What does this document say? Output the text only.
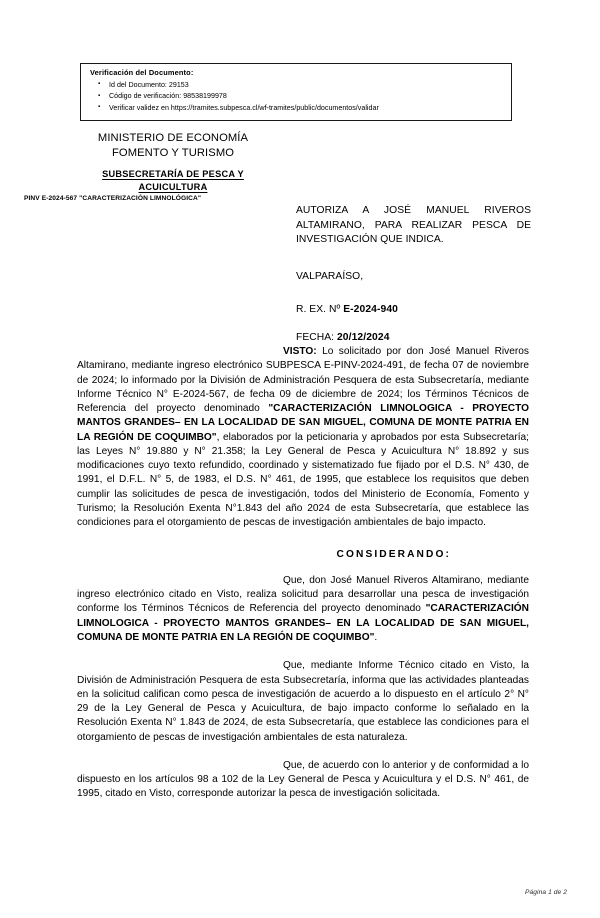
Verificación del Documento:
▪ Id del Documento: 29153
▪ Código de verificación: 98538199978
▪ Verificar validez en https://tramites.subpesca.cl/wf-tramites/public/documentos/validar
MINISTERIO DE ECONOMÍA
FOMENTO Y TURISMO
SUBSECRETARÍA DE PESCA Y
ACUICULTURA
PINV E-2024-567 "CARACTERIZACIÓN LIMNOLÓGICA"
AUTORIZA A JOSÉ MANUEL RIVEROS ALTAMIRANO, PARA REALIZAR PESCA DE INVESTIGACIÓN QUE INDICA.
VALPARAÍSO,
R. EX. Nº E-2024-940
FECHA: 20/12/2024

VISTO: Lo solicitado por don José Manuel Riveros Altamirano, mediante ingreso electrónico SUBPESCA E-PINV-2024-491, de fecha 07 de noviembre de 2024; lo informado por la División de Administración Pesquera de esta Subsecretaría, mediante Informe Técnico N° E-2024-567, de fecha 09 de diciembre de 2024; los Términos Técnicos de Referencia del proyecto denominado "CARACTERIZACIÓN LIMNOLOGICA - PROYECTO MANTOS GRANDES– EN LA LOCALIDAD DE SAN MIGUEL, COMUNA DE MONTE PATRIA EN LA REGIÓN DE COQUIMBO", elaborados por la peticionaria y aprobados por esta Subsecretaría; las Leyes N° 19.880 y N° 21.358; la Ley General de Pesca y Acuicultura N° 18.892 y sus modificaciones cuyo texto refundido, coordinado y sistematizado fue fijado por el D.S. N° 430, de 1991, el D.F.L. N° 5, de 1983, el D.S. N° 461, de 1995, que establece los requisitos que deben cumplir las solicitudes de pesca de investigación, todos del Ministerio de Economía, Fomento y Turismo; la Resolución Exenta N°1.843 del año 2024 de esta Subsecretaría, que establece las condiciones para el otorgamiento de pescas de investigación ambientales de bajo impacto.

CONSIDERANDO:

Que, don José Manuel Riveros Altamirano, mediante ingreso electrónico citado en Visto, realiza solicitud para desarrollar una pesca de investigación conforme los Términos Técnicos de Referencia del proyecto denominado "CARACTERIZACIÓN LIMNOLOGICA - PROYECTO MANTOS GRANDES– EN LA LOCALIDAD DE SAN MIGUEL, COMUNA DE MONTE PATRIA EN LA REGIÓN DE COQUIMBO".

Que, mediante Informe Técnico citado en Visto, la División de Administración Pesquera de esta Subsecretaría, informa que las actividades planteadas en la solicitud califican como pesca de investigación de acuerdo a lo dispuesto en el artículo 2° N° 29 de la Ley General de Pesca y Acuicultura, de bajo impacto conforme lo señalado en la Resolución Exenta N° 1.843 de 2024, de esta Subsecretaría, que establece las condiciones para el otorgamiento de pescas de investigación ambientales de esta naturaleza.

Que, de acuerdo con lo anterior y de conformidad a lo dispuesto en los artículos 98 a 102 de la Ley General de Pesca y Acuicultura y el D.S. N° 461, de 1995, citado en Visto, corresponde autorizar la pesca de investigación solicitada.

Página 1 de 2
